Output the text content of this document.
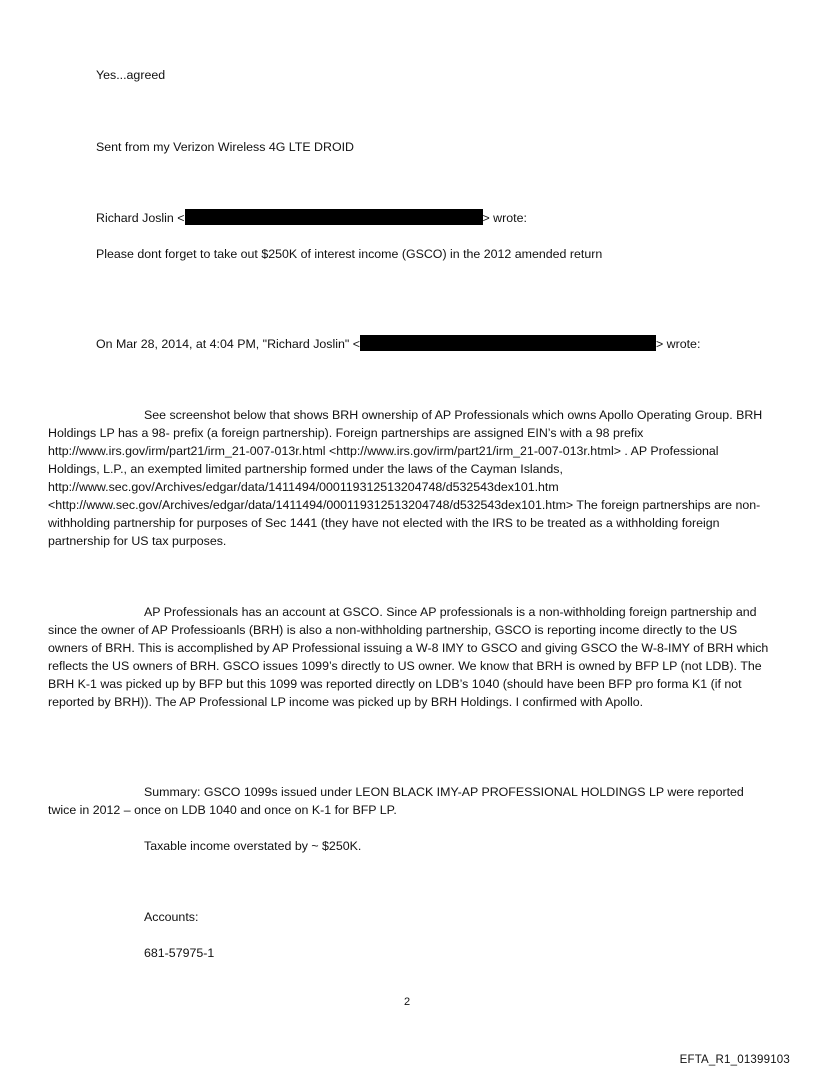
Yes...agreed
Sent from my Verizon Wireless 4G LTE DROID
Richard Joslin <	> wrote:
Please dont forget to take out $250K of interest income (GSCO) in the 2012 amended return
On Mar 28, 2014, at 4:04 PM, "Richard Joslin" <	> wrote:
See screenshot below that shows BRH ownership of AP Professionals which owns Apollo Operating Group. BRH Holdings LP has a 98- prefix (a foreign partnership). Foreign partnerships are assigned EIN’s with a 98 prefix http://www.irs.gov/irm/part21/irm_21-007-013r.html <http://www.irs.gov/irm/part21/irm_21-007-013r.html> . AP Professional Holdings, L.P., an exempted limited partnership formed under the laws of the Cayman Islands, http://www.sec.gov/Archives/edgar/data/1411494/000119312513204748/d532543dex101.htm <http://www.sec.gov/Archives/edgar/data/1411494/000119312513204748/d532543dex101.htm> The foreign partnerships are non-withholding partnership for purposes of Sec 1441 (they have not elected with the IRS to be treated as a withholding foreign partnership for US tax purposes.
AP Professionals has an account at GSCO. Since AP professionals is a non-withholding foreign partnership and since the owner of AP Professioanls (BRH) is also a non-withholding partnership, GSCO is reporting income directly to the US owners of BRH. This is accomplished by AP Professional issuing a W-8 IMY to GSCO and giving GSCO the W-8-IMY of BRH which reflects the US owners of BRH. GSCO issues 1099’s directly to US owner. We know that BRH is owned by BFP LP (not LDB). The BRH K-1 was picked up by BFP but this 1099 was reported directly on LDB’s 1040 (should have been BFP pro forma K1 (if not reported by BRH)). The AP Professional LP income was picked up by BRH Holdings. I confirmed with Apollo.
Summary: GSCO 1099s issued under LEON BLACK IMY-AP PROFESSIONAL HOLDINGS LP were reported twice in 2012 – once on LDB 1040 and once on K-1 for BFP LP.
Taxable income overstated by ~ $250K.
Accounts:
681-57975-1
2
EFTA_R1_01399103
